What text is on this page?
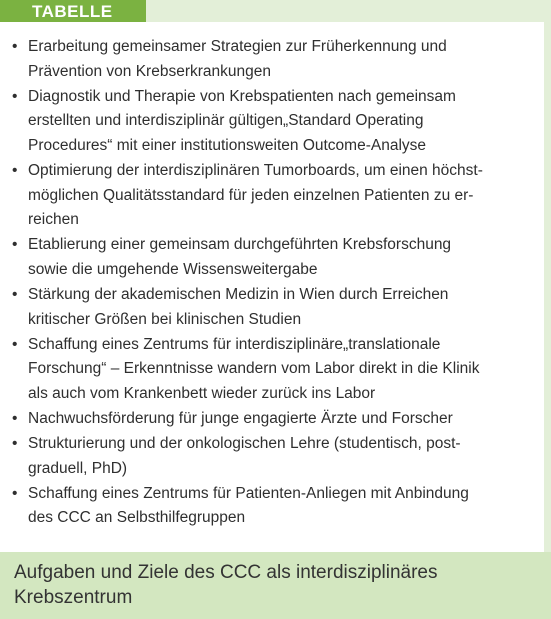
TABELLE
• Erarbeitung gemeinsamer Strategien zur Früherkennung und
Prävention von Krebserkrankungen
• Diagnostik und Therapie von Krebspatienten nach gemeinsam
erstellten und interdisziplinär gültigen„Standard Operating
Procedures“ mit einer institutionsweiten Outcome-Analyse
• Optimierung der interdisziplinären Tumorboards, um einen höchst-
möglichen Qualitätsstandard für jeden einzelnen Patienten zu er-
reichen
• Etablierung einer gemeinsam durchgeführten Krebsforschung
sowie die umgehende Wissensweitergabe
• Stärkung der akademischen Medizin in Wien durch Erreichen
kritischer Größen bei klinischen Studien
• Schaffung eines Zentrums für interdisziplinäre„translationale
Forschung“ – Erkenntnisse wandern vom Labor direkt in die Klinik
als auch vom Krankenbett wieder zurück ins Labor
• Nachwuchsförderung für junge engagierte Ärzte und Forscher
• Strukturierung und der onkologischen Lehre (studentisch, post-
graduell, PhD)
• Schaffung eines Zentrums für Patienten-Anliegen mit Anbindung
des CCC an Selbsthilfegruppen
Aufgaben und Ziele des CCC als interdisziplinäres
Krebszentrum
